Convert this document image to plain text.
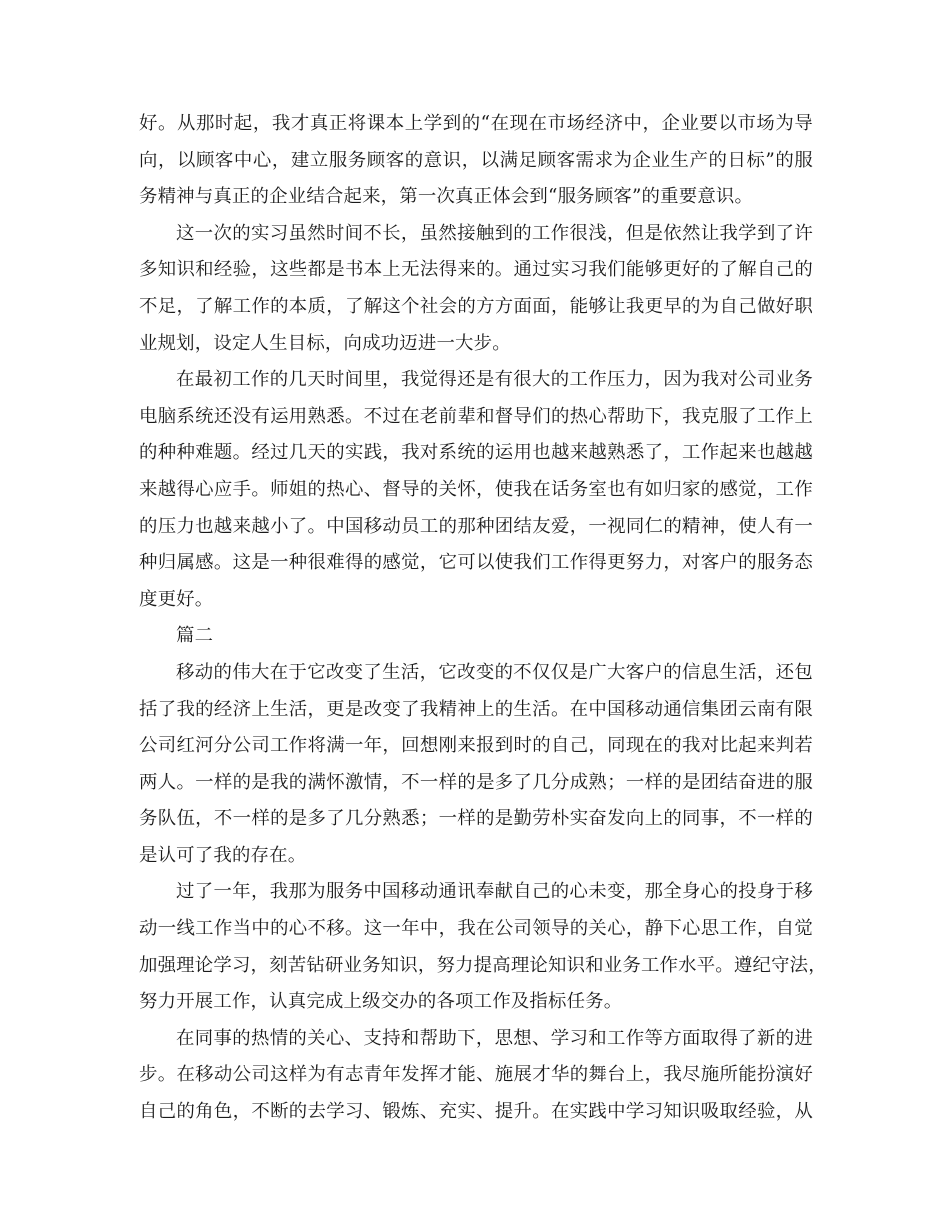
好。从那时起，我才真正将课本上学到的“在现在市场经济中，企业要以市场为导
向，以顾客中心，建立服务顾客的意识，以满足顾客需求为企业生产的日标”的服
务精神与真正的企业结合起来，第一次真正体会到“服务顾客”的重要意识。
这一次的实习虽然时间不长，虽然接触到的工作很浅，但是依然让我学到了许
多知识和经验，这些都是书本上无法得来的。通过实习我们能够更好的了解自己的
不足，了解工作的本质，了解这个社会的方方面面，能够让我更早的为自己做好职
业规划，设定人生目标，向成功迈进一大步。
在最初工作的几天时间里，我觉得还是有很大的工作压力，因为我对公司业务
电脑系统还没有运用熟悉。不过在老前辈和督导们的热心帮助下，我克服了工作上
的种种难题。经过几天的实践，我对系统的运用也越来越熟悉了，工作起来也越越
来越得心应手。师姐的热心、督导的关怀，使我在话务室也有如归家的感觉，工作
的压力也越来越小了。中国移动员工的那种团结友爱，一视同仁的精神，使人有一
种归属感。这是一种很难得的感觉，它可以使我们工作得更努力，对客户的服务态
度更好。
篇二
移动的伟大在于它改变了生活，它改变的不仅仅是广大客户的信息生活，还包
括了我的经济上生活，更是改变了我精神上的生活。在中国移动通信集团云南有限
公司红河分公司工作将满一年，回想刚来报到时的自己，同现在的我对比起来判若
两人。一样的是我的满怀激情，不一样的是多了几分成熟；一样的是团结奋进的服
务队伍，不一样的是多了几分熟悉；一样的是勤劳朴实奋发向上的同事，不一样的
是认可了我的存在。
过了一年，我那为服务中国移动通讯奉献自己的心未变，那全身心的投身于移
动一线工作当中的心不移。这一年中，我在公司领导的关心，静下心思工作，自觉
加强理论学习，刻苦钻研业务知识，努力提高理论知识和业务工作水平。遵纪守法，
努力开展工作，认真完成上级交办的各项工作及指标任务。
在同事的热情的关心、支持和帮助下，思想、学习和工作等方面取得了新的进
步。在移动公司这样为有志青年发挥才能、施展才华的舞台上，我尽施所能扮演好
自己的角色，不断的去学习、锻炼、充实、提升。在实践中学习知识吸取经验，从
